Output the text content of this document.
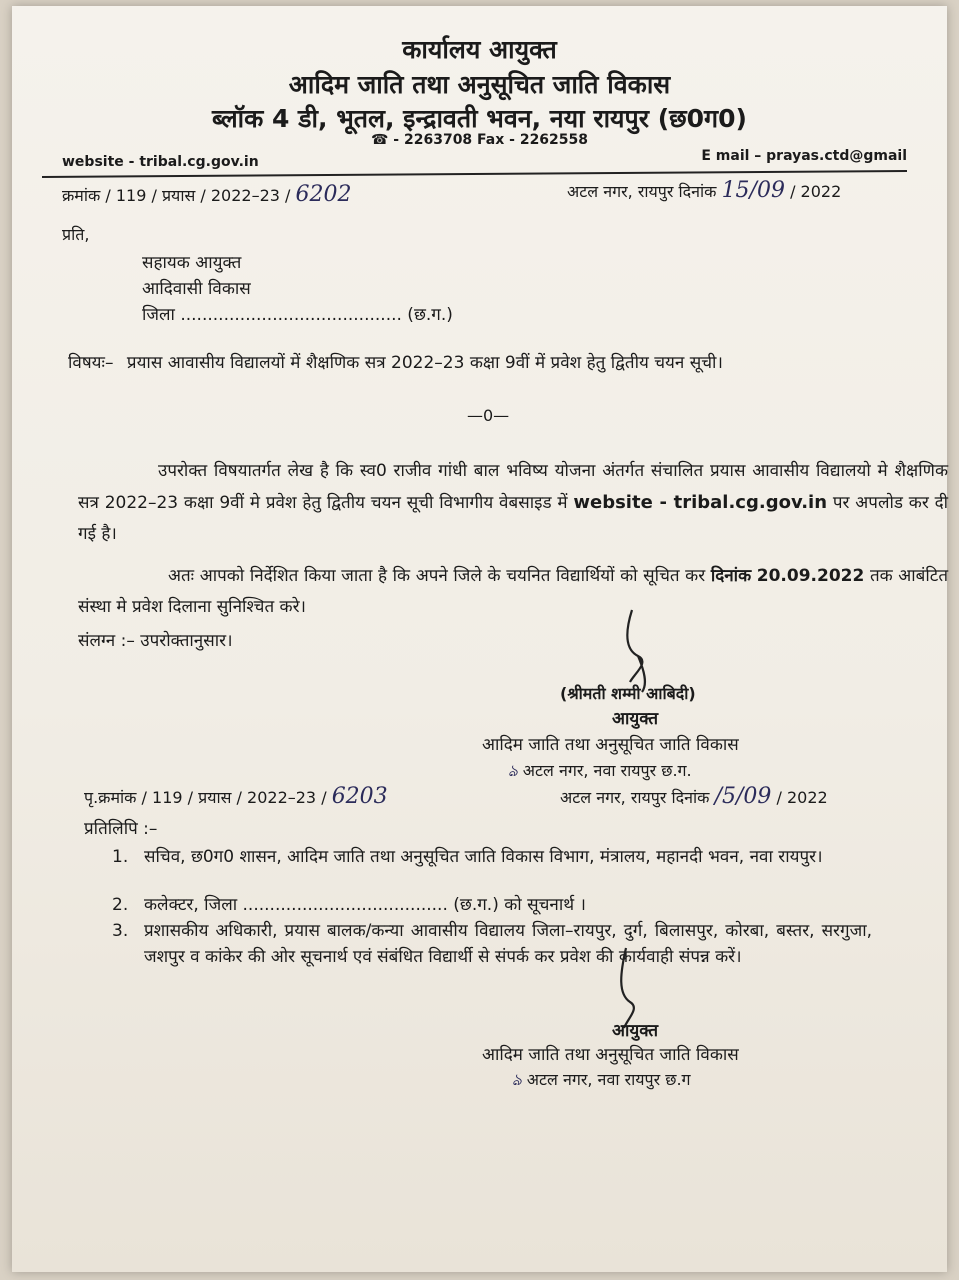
कार्यालय आयुक्त
आदिम जाति तथा अनुसूचित जाति विकास
ब्लॉक 4 डी, भूतल, इन्द्रावती भवन, नया रायपुर (छ0ग0)
☎ - 2263708 Fax - 2262558
website - tribal.cg.gov.in	E mail – prayas.ctd@gmail
क्रमांक / 119 / प्रयास / 2022–23 / 6202	अटल नगर, रायपुर दिनांक 15/09 / 2022
प्रति,
सहायक आयुक्त
आदिवासी विकास
जिला ......................................... (छ.ग.)
विषयः– प्रयास आवासीय विद्यालयों में शैक्षणिक सत्र 2022–23 कक्षा 9वीं में प्रवेश हेतु द्वितीय चयन सूची।
—0—
उपरोक्त विषयातर्गत लेख है कि स्व0 राजीव गांधी बाल भविष्य योजना अंतर्गत संचालित प्रयास आवासीय विद्यालयो मे शैक्षणिक सत्र 2022–23 कक्षा 9वीं मे प्रवेश हेतु द्वितीय चयन सूची विभागीय वेबसाइड में website - tribal.cg.gov.in पर अपलोड कर दी गई है।
अतः आपको निर्देशित किया जाता है कि अपने जिले के चयनित विद्यार्थियों को सूचित कर दिनांक 20.09.2022 तक आबंटित संस्था मे प्रवेश दिलाना सुनिश्चित करे।
संलग्न :– उपरोक्तानुसार।
(श्रीमती शम्मी आबिदी)
आयुक्त
आदिम जाति तथा अनुसूचित जाति विकास
ঌ अटल नगर, नवा रायपुर छ.ग.
पृ.क्रमांक / 119 / प्रयास / 2022–23 / 6203	अटल नगर, रायपुर दिनांक /5/09 / 2022
प्रतिलिपि :–
1. सचिव, छ0ग0 शासन, आदिम जाति तथा अनुसूचित जाति विकास विभाग, मंत्रालय, महानदी भवन, नवा रायपुर।
2. कलेक्टर, जिला ...................................... (छ.ग.) को सूचनार्थ ।
3. प्रशासकीय अधिकारी, प्रयास बालक/कन्या आवासीय विद्यालय जिला–रायपुर, दुर्ग, बिलासपुर, कोरबा, बस्तर, सरगुजा, जशपुर व कांकेर की ओर सूचनार्थ एवं संबंधित विद्यार्थी से संपर्क कर प्रवेश की कार्यवाही संपन्न करें।
आयुक्त
आदिम जाति तथा अनुसूचित जाति विकास
ঌ अटल नगर, नवा रायपुर छ.ग
